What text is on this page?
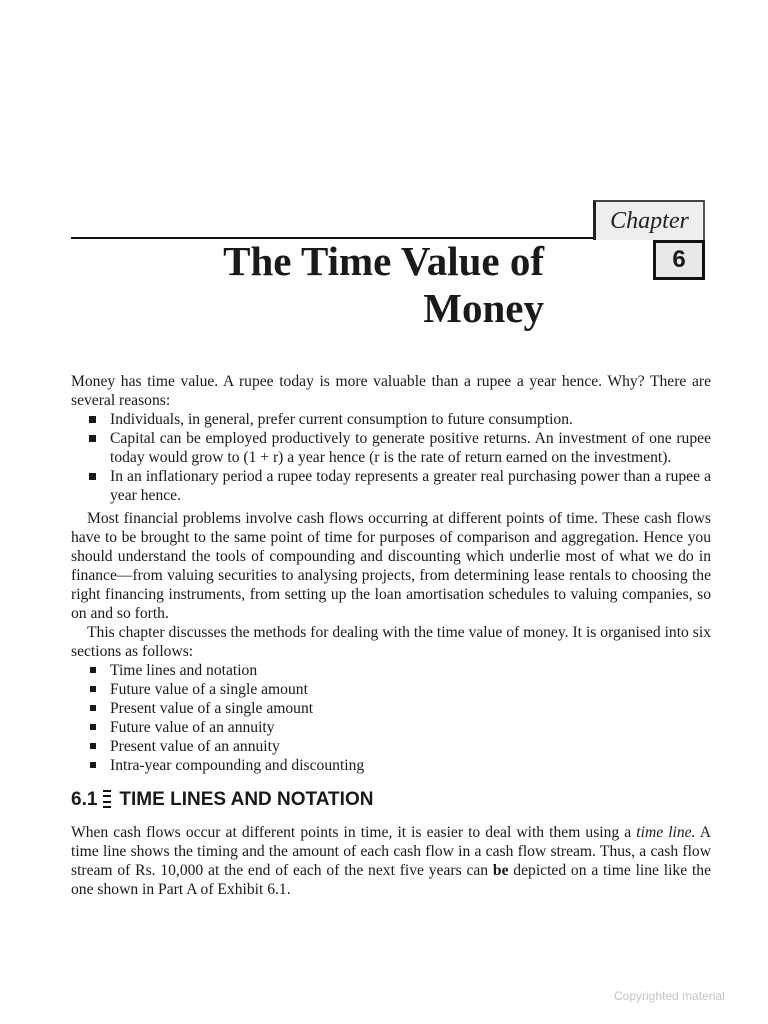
Chapter
6
The Time Value of
Money

Money has time value. A rupee today is more valuable than a rupee a year hence. Why? There are several reasons:

Individuals, in general, prefer current consumption to future consumption.
Capital can be employed productively to generate positive returns. An investment of one rupee today would grow to (1 + r) a year hence (r is the rate of return earned on the investment).
In an inflationary period a rupee today represents a greater real purchasing power than a rupee a year hence.

Most financial problems involve cash flows occurring at different points of time. These cash flows have to be brought to the same point of time for purposes of comparison and aggregation. Hence you should understand the tools of compounding and discounting which underlie most of what we do in finance—from valuing securities to analysing projects, from determining lease rentals to choosing the right financing instruments, from setting up the loan amortisation schedules to valuing companies, so on and so forth.

This chapter discusses the methods for dealing with the time value of money. It is organised into six sections as follows:

Time lines and notation
Future value of a single amount
Present value of a single amount
Future value of an annuity
Present value of an annuity
Intra-year compounding and discounting
6.1 TIME LINES AND NOTATION

When cash flows occur at different points in time, it is easier to deal with them using a time line. A time line shows the timing and the amount of each cash flow in a cash flow stream. Thus, a cash flow stream of Rs. 10,000 at the end of each of the next five years can be depicted on a time line like the one shown in Part A of Exhibit 6.1.

Copyrighted material
